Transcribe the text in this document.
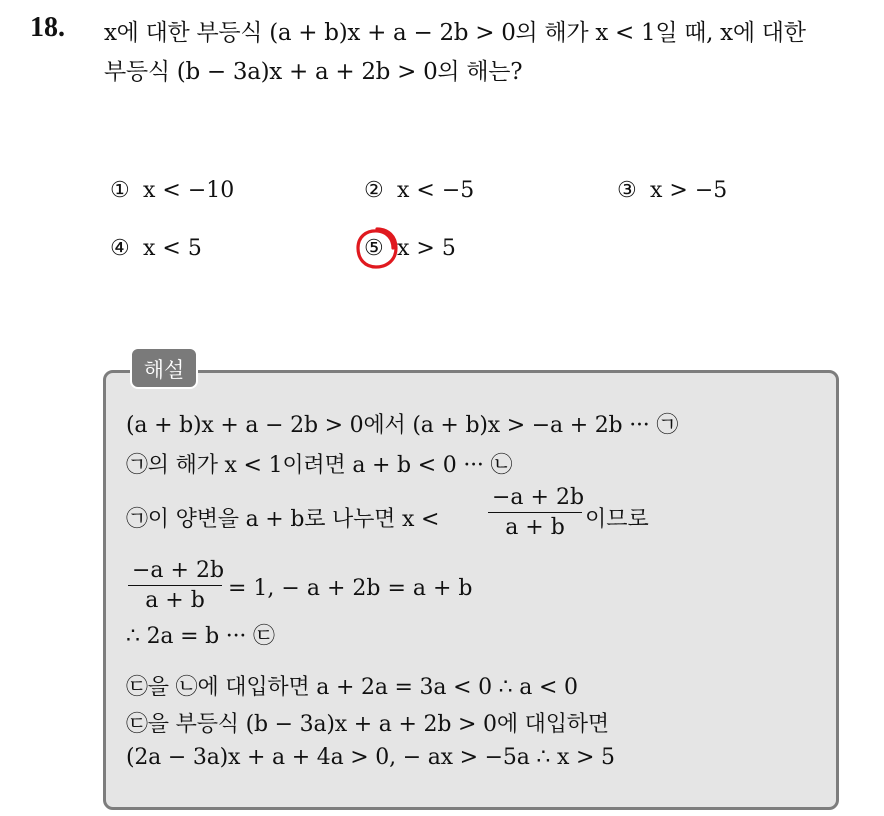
18. x에 대한 부등식 (a + b)x + a − 2b > 0의 해가 x < 1일 때, x에 대한
부등식 (b − 3a)x + a + 2b > 0의 해는?
① x < −10	② x < −5	③ x > −5
④ x < 5	⑤ x > 5
해설
(a + b)x + a − 2b > 0에서 (a + b)x > −a + 2b ··· ㉠
㉠의 해가 x < 1이려면 a + b < 0 ··· ㉡
㉠이 양변을 a + b로 나누면 $x < \frac{-a + 2b}{a + b}$ 이므로
$\frac{-a + 2b}{a + b} = 1$, − a + 2b = a + b
∴ 2a = b ··· ㉢
㉢을 ㉡에 대입하면 a + 2a = 3a < 0 ∴ a < 0
㉢을 부등식 (b − 3a)x + a + 2b > 0에 대입하면
(2a − 3a)x + a + 4a > 0, − ax > −5a ∴ x > 5
